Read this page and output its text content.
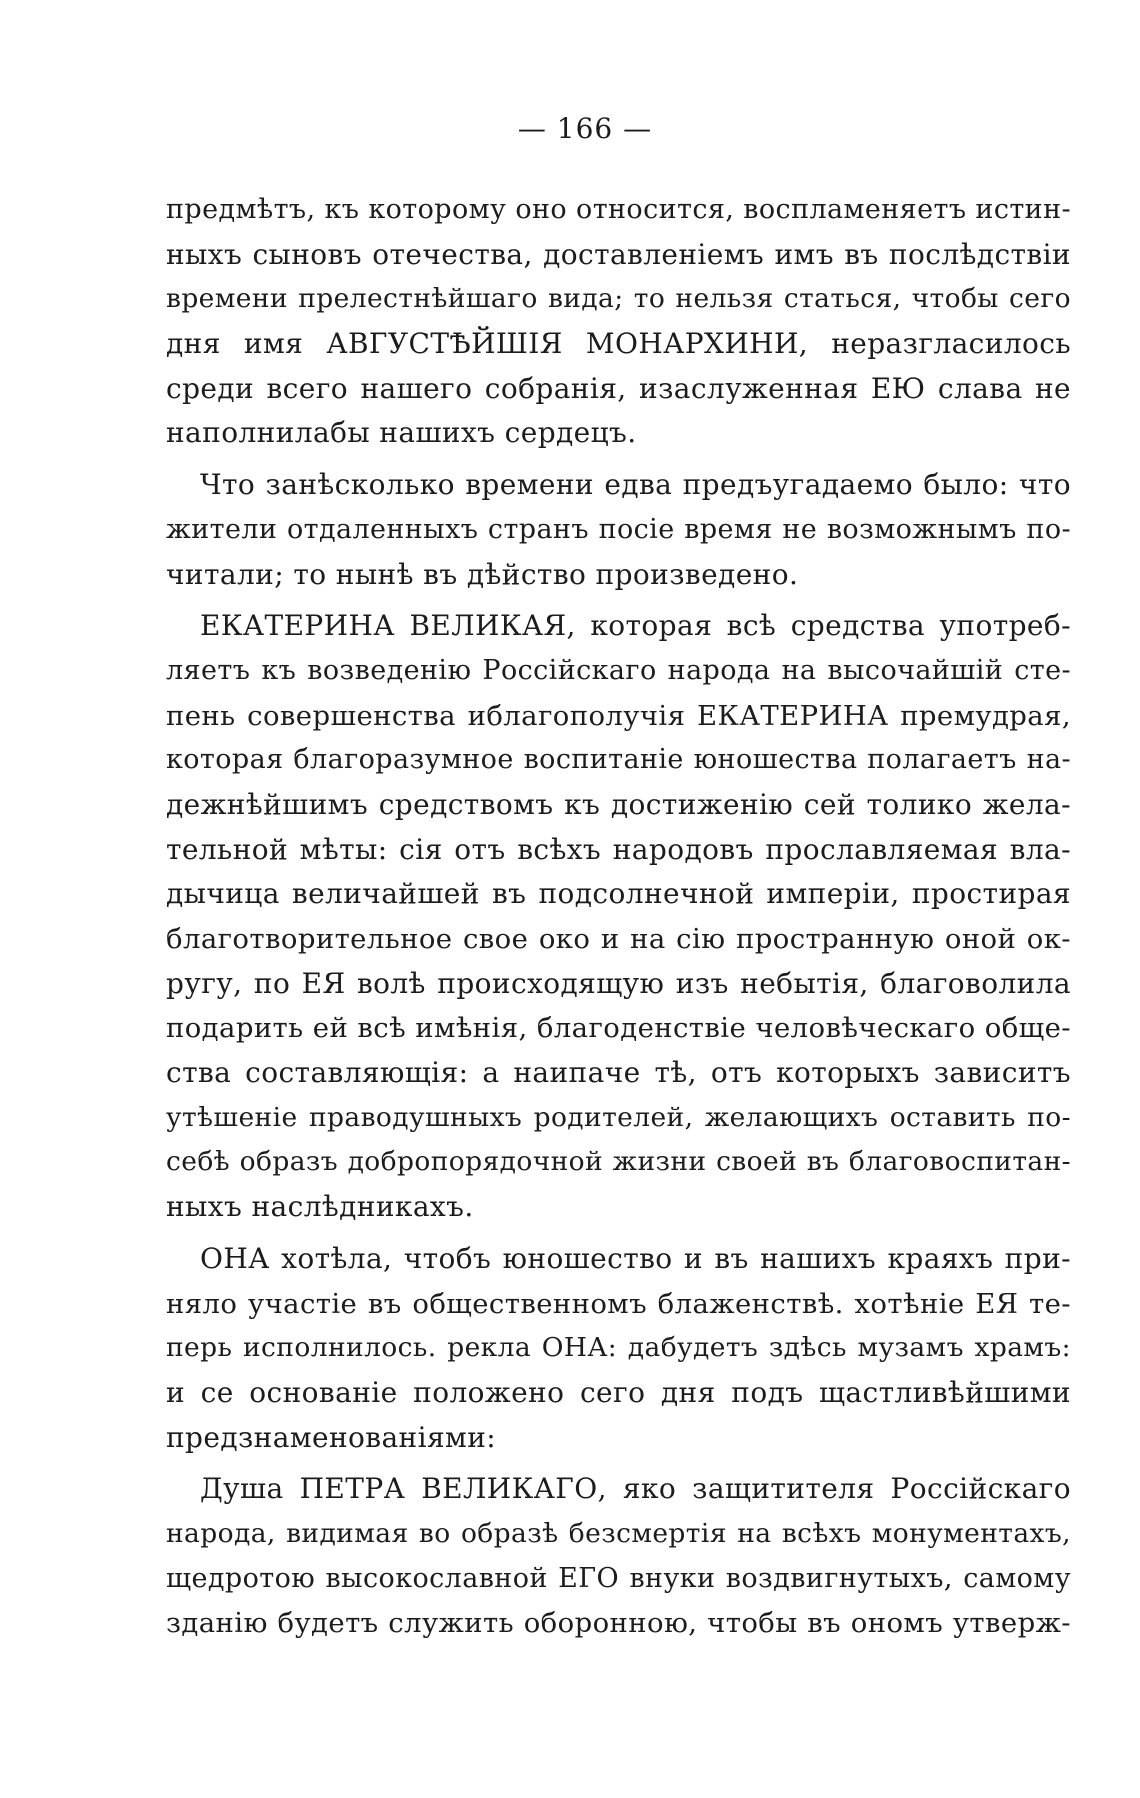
— 166 —
предмѣтъ, къ которому оно относится, воспламеняетъ истин-
ныхъ сыновъ отечества, доставленіемъ имъ въ послѣдствіи
времени прелестнѣйшаго вида; то нельзя статься, чтобы сего
дня имя АВГУСТѢЙШІЯ МОНАРХИНИ, неразгласилось
среди всего нашего собранія, изаслуженная ЕЮ слава не
наполнилабы нашихъ сердецъ.
Что занѣсколько времени едва предъугадаемо было: что
жители отдаленныхъ странъ посіе время не возможнымъ по-
читали; то нынѣ въ дѣйство произведено.
ЕКАТЕРИНА ВЕЛИКАЯ, которая всѣ средства употреб-
ляетъ къ возведенію Россійскаго народа на высочайшій сте-
пень совершенства иблагополучія ЕКАТЕРИНА премудрая,
которая благоразумное воспитаніе юношества полагаетъ на-
дежнѣйшимъ средствомъ къ достиженію сей толико жела-
тельной мѣты: сія отъ всѣхъ народовъ прославляемая вла-
дычица величайшей въ подсолнечной имперіи, простирая
благотворительное свое око и на сію пространную оной ок-
ругу, по ЕЯ волѣ происходящую изъ небытія, благоволила
подарить ей всѣ имѣнія, благоденствіе человѣческаго обще-
ства составляющія: а наипаче тѣ, отъ которыхъ зависитъ
утѣшеніе праводушныхъ родителей, желающихъ оставить по-
себѣ образъ добропорядочной жизни своей въ благовоспитан-
ныхъ наслѣдникахъ.
ОНА хотѣла, чтобъ юношество и въ нашихъ краяхъ при-
няло участіе въ общественномъ блаженствѣ. хотѣніе ЕЯ те-
перь исполнилось. рекла ОНА: дабудетъ здѣсь музамъ храмъ:
и се основаніе положено сего дня подъ щастливѣйшими
предзнаменованіями:
Душа ПЕТРА ВЕЛИКАГО, яко защитителя Россійскаго
народа, видимая во образѣ безсмертія на всѣхъ монументахъ,
щедротою высокославной ЕГО внуки воздвигнутыхъ, самому
зданію будетъ служить оборонною, чтобы въ ономъ утверж-
